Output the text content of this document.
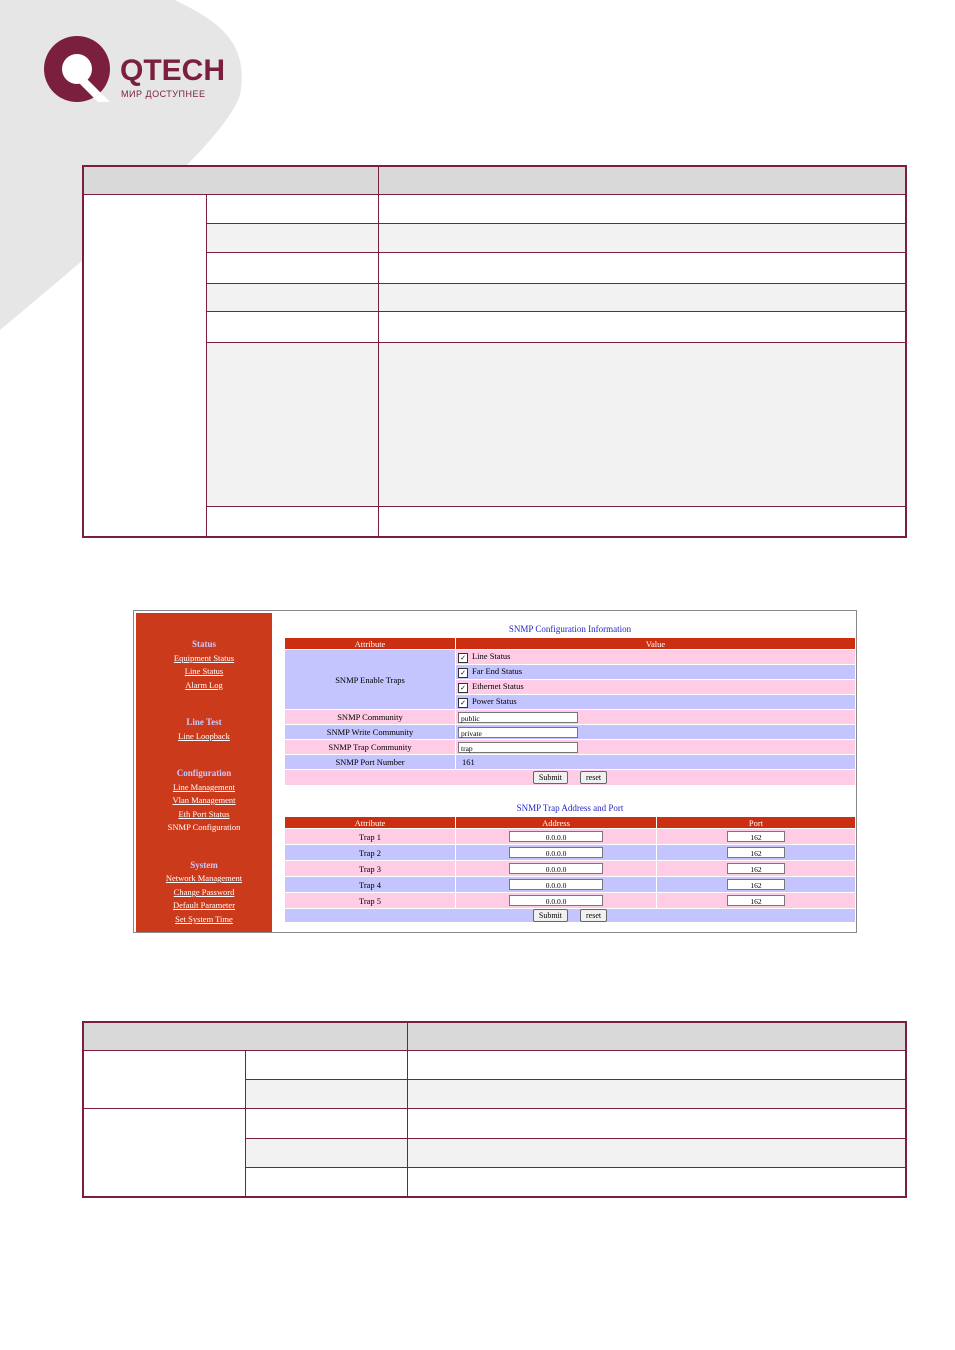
QTECH
МИР ДОСТУПНЕЕ

Status
Equipment Status
Line Status
Alarm Log
Line Test
Line Loopback
Configuration
Line Management
Vlan Management
Eth Port Status
SNMP Configuration
System
Network Management
Change Password
Default Parameter
Set System Time
SNMP Configuration Information
Attribute	Value
SNMP Enable Traps	✓ Line Status
	✓ Far End Status
	✓ Ethernet Status
	✓ Power Status
SNMP Community	public
SNMP Write Community	private
SNMP Trap Community	trap
SNMP Port Number	161
Submit reset	
SNMP Trap Address and Port
Attribute	Address	Port
Trap 1	0.0.0.0	162
Trap 2	0.0.0.0	162
Trap 3	0.0.0.0	162
Trap 4	0.0.0.0	162
Trap 5	0.0.0.0	162
Submit reset		
